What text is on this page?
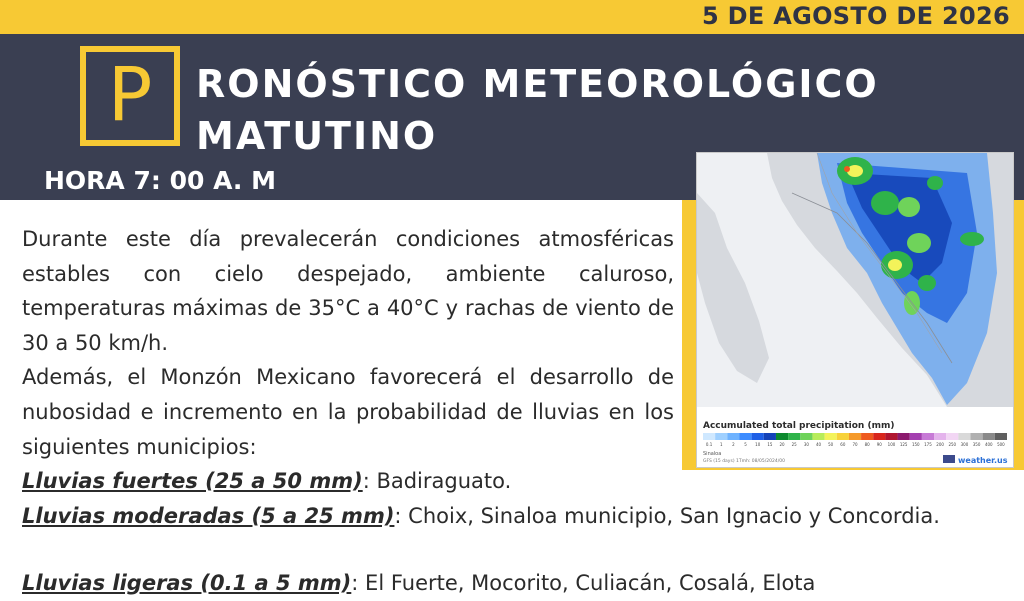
5 DE AGOSTO DE 2026
P	RONÓSTICO METEOROLÓGICO
MATUTINO
HORA 7: 00 A. M
Accumulated total precipitation (mm)
0.1 1 2 5 10 15 20 25 30 40 50 60 70 80 90 100 125 150 175 200 250 300 350 400 500
Sinaloa
GFS (15 days) 1Tmh: 08/05/2024/00	weather.us

Durante este día prevalecerán condiciones atmosféricas estables con cielo despejado, ambiente caluroso, temperaturas máximas de 35°C a 40°C y rachas de viento de 30 a 50 km/h.

Además, el Monzón Mexicano favorecerá el desarrollo de nubosidad e incremento en la probabilidad de lluvias en los siguientes municipios:

Lluvias fuertes (25 a 50 mm): Badiraguato.
Lluvias moderadas (5 a 25 mm): Choix, Sinaloa municipio, San Ignacio y Concordia.
Lluvias ligeras (0.1 a 5 mm): El Fuerte, Mocorito, Culiacán, Cosalá, Elota
